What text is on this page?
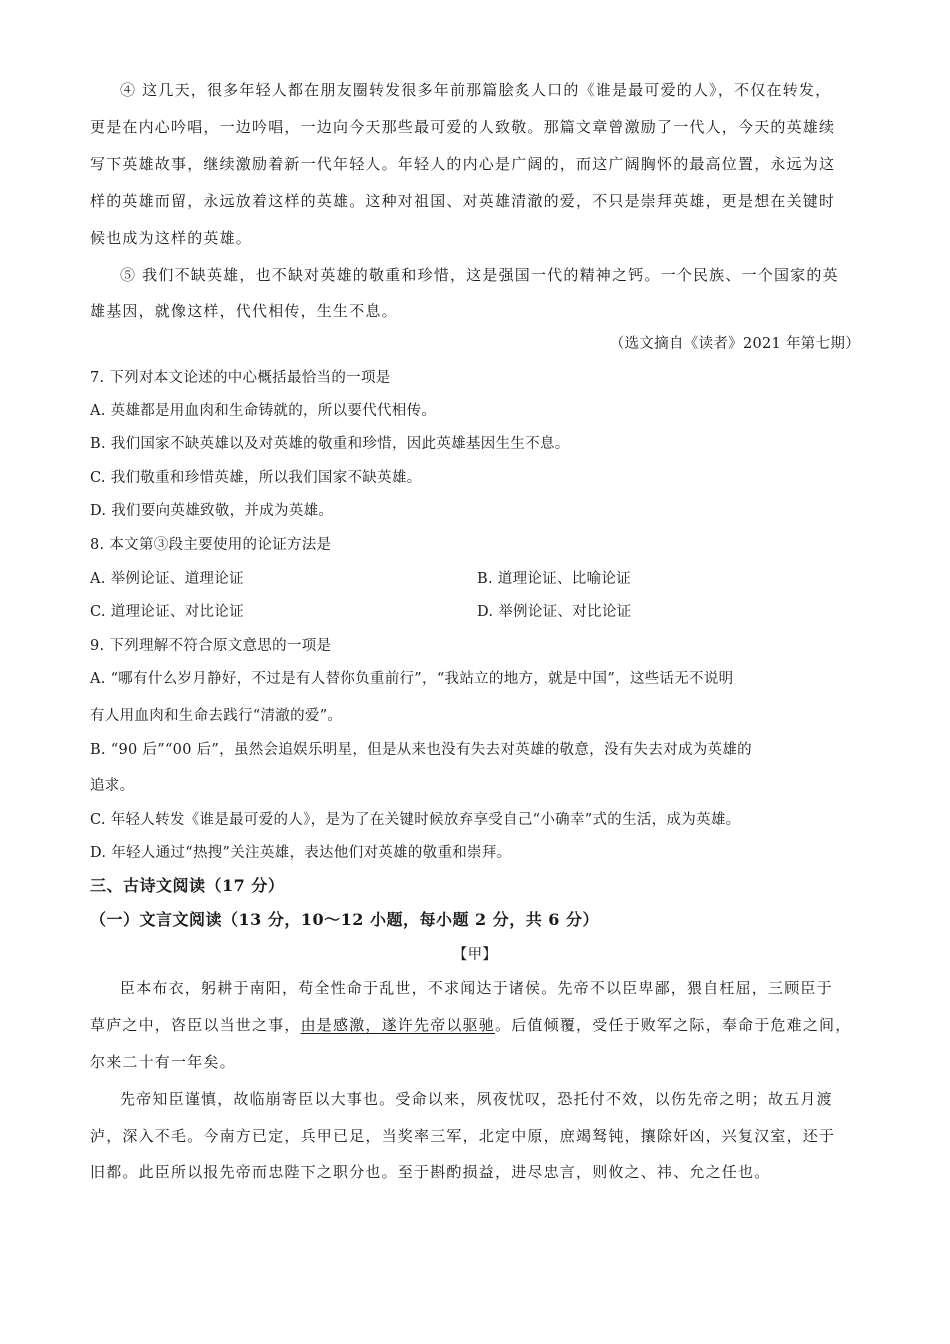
④ 这几天，很多年轻人都在朋友圈转发很多年前那篇脍炙人口的《谁是最可爱的人》，不仅在转发，
更是在内心吟唱，一边吟唱，一边向今天那些最可爱的人致敬。那篇文章曾激励了一代人，今天的英雄续
写下英雄故事，继续激励着新一代年轻人。年轻人的内心是广阔的，而这广阔胸怀的最高位置，永远为这
样的英雄而留，永远放着这样的英雄。这种对祖国、对英雄清澈的爱，不只是崇拜英雄，更是想在关键时
候也成为这样的英雄。
⑤ 我们不缺英雄，也不缺对英雄的敬重和珍惜，这是强国一代的精神之钙。一个民族、一个国家的英
雄基因，就像这样，代代相传，生生不息。
（选文摘自《读者》2021 年第七期）
7. 下列对本文论述的中心概括最恰当的一项是
A. 英雄都是用血肉和生命铸就的，所以要代代相传。
B. 我们国家不缺英雄以及对英雄的敬重和珍惜，因此英雄基因生生不息。
C. 我们敬重和珍惜英雄，所以我们国家不缺英雄。
D. 我们要向英雄致敬，并成为英雄。
8. 本文第③段主要使用的论证方法是
A. 举例论证、道理论证	B. 道理论证、比喻论证
C. 道理论证、对比论证	D. 举例论证、对比论证
9. 下列理解不符合原文意思的一项是
A. “哪有什么岁月静好，不过是有人替你负重前行”，“我站立的地方，就是中国”，这些话无不说明
有人用血肉和生命去践行“清澈的爱”。
B. “90 后”“00 后”，虽然会追娱乐明星，但是从来也没有失去对英雄的敬意，没有失去对成为英雄的
追求。
C. 年轻人转发《谁是最可爱的人》，是为了在关键时候放弃享受自己“小确幸”式的生活，成为英雄。
D. 年轻人通过“热搜”关注英雄，表达他们对英雄的敬重和崇拜。
三、古诗文阅读（17 分）
（一）文言文阅读（13 分，10～12 小题，每小题 2 分，共 6 分）
【甲】
臣本布衣，躬耕于南阳，苟全性命于乱世，不求闻达于诸侯。先帝不以臣卑鄙，猥自枉屈，三顾臣于
草庐之中，咨臣以当世之事，由是感激，遂许先帝以驱驰。后值倾覆，受任于败军之际，奉命于危难之间，
尔来二十有一年矣。
先帝知臣谨慎，故临崩寄臣以大事也。受命以来，夙夜忧叹，恐托付不效，以伤先帝之明；故五月渡
泸，深入不毛。今南方已定，兵甲已足，当奖率三军，北定中原，庶竭驽钝，攘除奸凶，兴复汉室，还于
旧都。此臣所以报先帝而忠陛下之职分也。至于斟酌损益，进尽忠言，则攸之、祎、允之任也。
